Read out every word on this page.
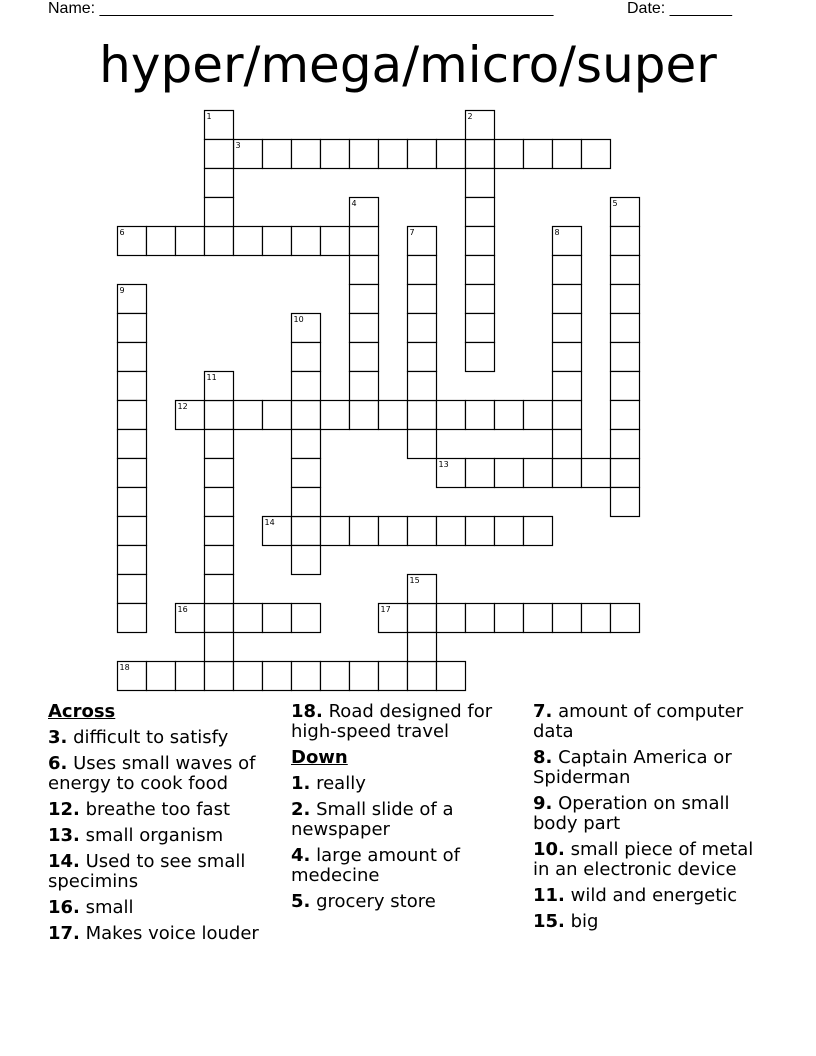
Name: ___________________________________________________	Date: _______
hyper/mega/micro/super
3
6
12
13
14
16	17
18
1	2
4	5
7	8
9
10
11
15
Across
3. difficult to satisfy
6. Uses small waves of energy to cook food
12. breathe too fast
13. small organism
14. Used to see small specimins
16. small
17. Makes voice louder
18. Road designed for high-speed travel
Down
1. really
2. Small slide of a newspaper
4. large amount of medecine
5. grocery store
7. amount of computer data
8. Captain America or Spiderman
9. Operation on small body part
10. small piece of metal in an electronic device
11. wild and energetic
15. big
